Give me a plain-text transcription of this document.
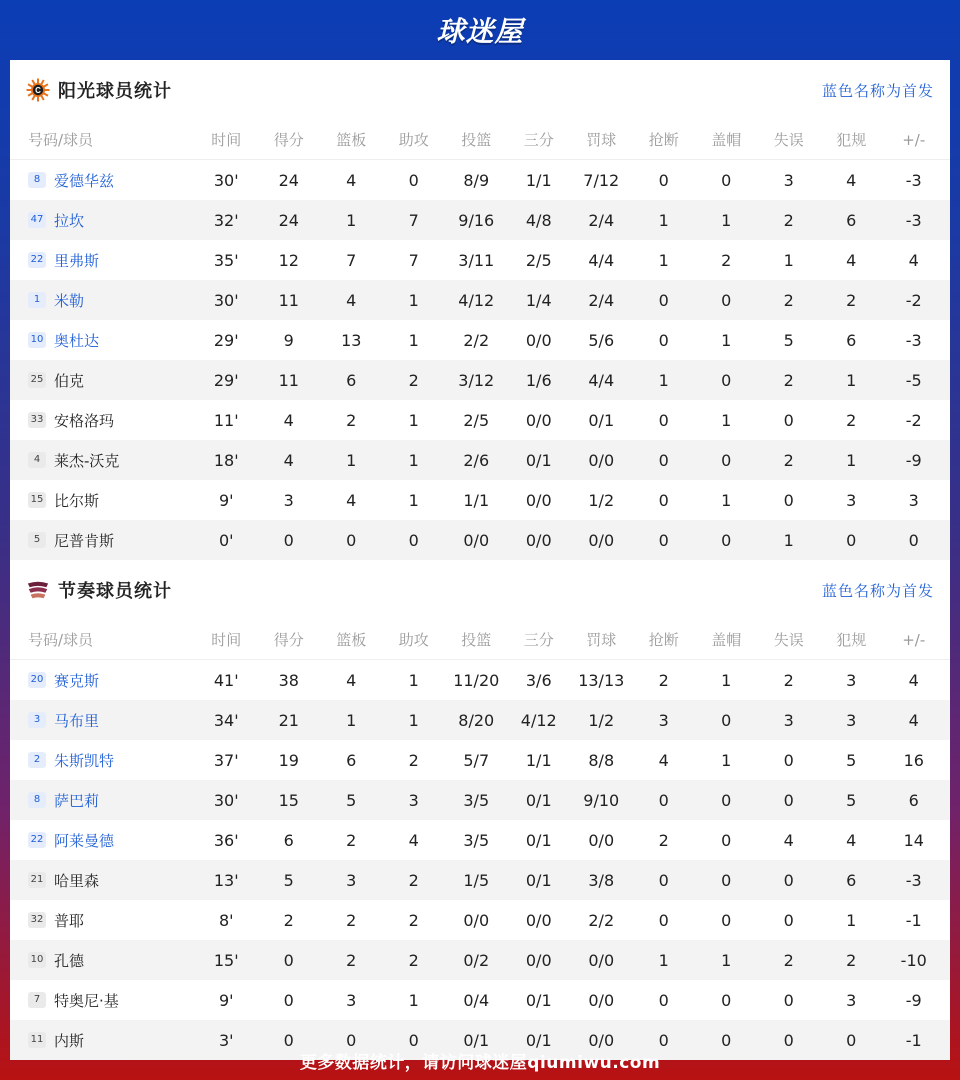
球迷屋
C 阳光球员统计	蓝色名称为首发
号码/球员	时间	得分	篮板	助攻	投篮	三分	罚球	抢断	盖帽	失误	犯规	+/-
8 爱德华兹	30'	24	4	0	8/9	1/1	7/12	0	0	3	4	-3
47 拉坎	32'	24	1	7	9/16	4/8	2/4	1	1	2	6	-3
22 里弗斯	35'	12	7	7	3/11	2/5	4/4	1	2	1	4	4
1 米勒	30'	11	4	1	4/12	1/4	2/4	0	0	2	2	-2
10 奥杜达	29'	9	13	1	2/2	0/0	5/6	0	1	5	6	-3
25 伯克	29'	11	6	2	3/12	1/6	4/4	1	0	2	1	-5
33 安格洛玛	11'	4	2	1	2/5	0/0	0/1	0	1	0	2	-2
4 莱杰-沃克	18'	4	1	1	2/6	0/1	0/0	0	0	2	1	-9
15 比尔斯	9'	3	4	1	1/1	0/0	1/2	0	1	0	3	3
5 尼普肯斯	0'	0	0	0	0/0	0/0	0/0	0	0	1	0	0
节奏球员统计	蓝色名称为首发
号码/球员	时间	得分	篮板	助攻	投篮	三分	罚球	抢断	盖帽	失误	犯规	+/-
20 赛克斯	41'	38	4	1	11/20	3/6	13/13	2	1	2	3	4
3 马布里	34'	21	1	1	8/20	4/12	1/2	3	0	3	3	4
2 朱斯凯特	37'	19	6	2	5/7	1/1	8/8	4	1	0	5	16
8 萨巴莉	30'	15	5	3	3/5	0/1	9/10	0	0	0	5	6
22 阿莱曼德	36'	6	2	4	3/5	0/1	0/0	2	0	4	4	14
21 哈里森	13'	5	3	2	1/5	0/1	3/8	0	0	0	6	-3
32 普耶	8'	2	2	2	0/0	0/0	2/2	0	0	0	1	-1
10 孔德	15'	0	2	2	0/2	0/0	0/0	1	1	2	2	-10
7 特奥尼·基	9'	0	3	1	0/4	0/1	0/0	0	0	0	3	-9
11 内斯	3'	0	0	0	0/1	0/1	0/0	0	0	0	0	-1
更多数据统计，请访问球迷屋qiumiwu.com
